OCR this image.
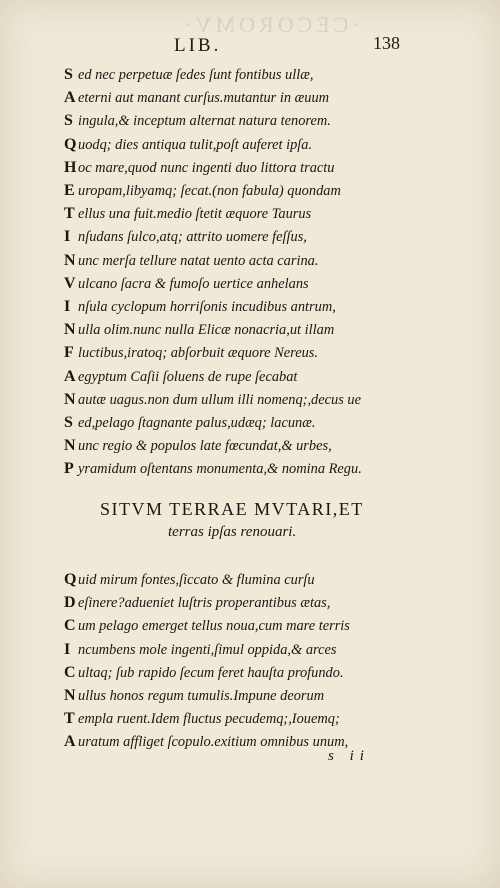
·CECOROMV·
LIB.	138
S ed nec perpetuæ ſedes ſunt fontibus ullæ,
A eterni aut manant curſus.mutantur in æuum
S ingula,& inceptum alternat natura tenorem.
Q uodq; dies antiqua tulit,poſt auferet ipſa.
H oc mare,quod nunc ingenti duo littora tractu
E uropam,libyamq; ſecat.(non fabula) quondam
T ellus una fuit.medio ſtetit æquore Taurus
I nſudans ſulco,atq; attrito uomere feſſus,
N unc merſa tellure natat uento acta carina.
V ulcano ſacra & fumoſo uertice anhelans
I nſula cyclopum horriſonis incudibus antrum,
N ulla olim.nunc nulla Elicæ nonacria,ut illam
F luctibus,iratoq; abſorbuit æquore Nereus.
A egyptum Caſii ſoluens de rupe ſecabat
N autæ uagus.non dum ullum illi nomenq;,decus ue
S ed,pelago ſtagnante palus,udæq; lacunæ.
N unc regio & populos late fœcundat,& urbes,
P yramidum oſtentans monumenta,& nomina Regu.
SITVM TERRAE MVTARI,ET
terras ipſas renouari.
Q uid mirum fontes,ſiccato & flumina curſu
D eſinere?adueniet luſtris properantibus ætas,
C um pelago emerget tellus noua,cum mare terris
I ncumbens mole ingenti,ſimul oppida,& arces
C ultaq; ſub rapido ſecum feret hauſta profundo.
N ullus honos regum tumulis.Impune deorum
T empla ruent.Idem fluctus pecudemq;,Iouemq;
A uratum affliget ſcopulo.exitium omnibus unum,
s ii
